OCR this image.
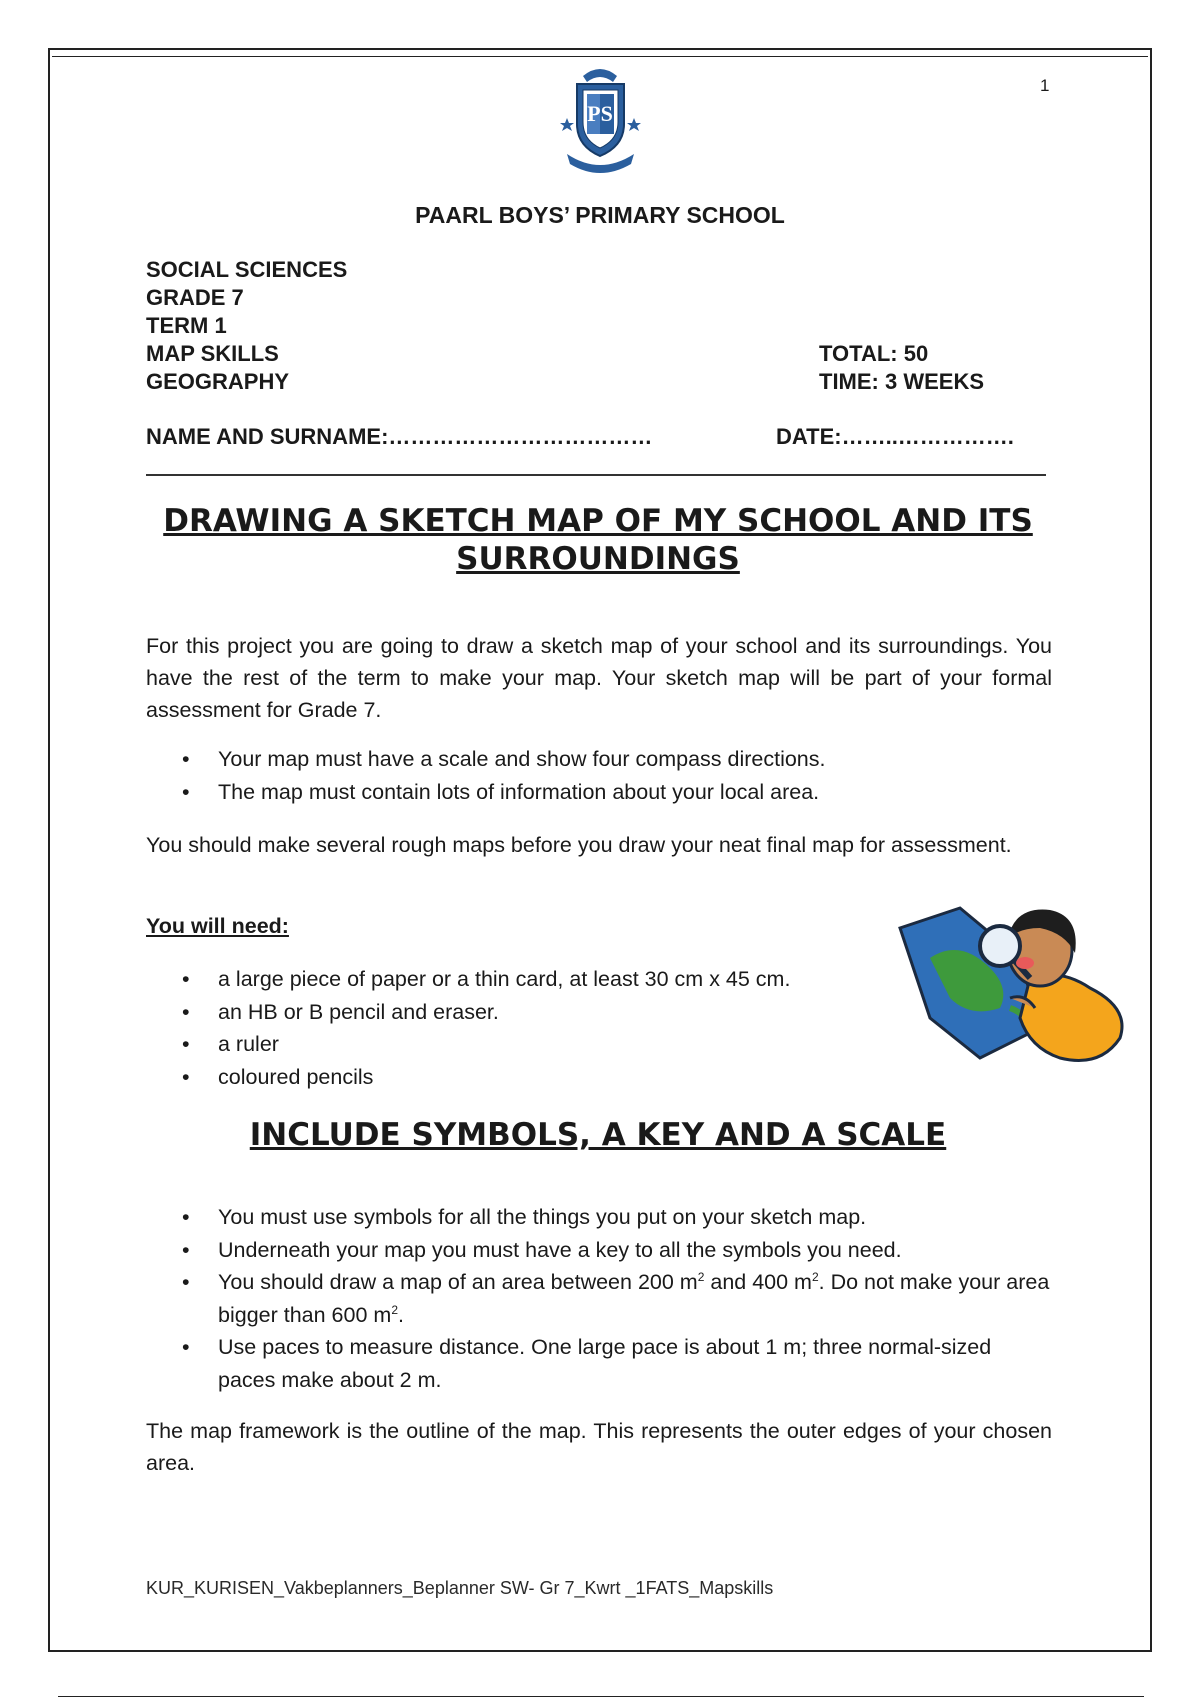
1
PS
PAARL BOYS’ PRIMARY SCHOOL
SOCIAL SCIENCES
GRADE 7
TERM 1
MAP SKILLS
GEOGRAPHY
TOTAL: 50
TIME: 3 WEEKS
NAME AND SURNAME:………………………………	DATE:……..…………….
DRAWING A SKETCH MAP OF MY SCHOOL AND ITS
SURROUNDINGS
For this project you are going to draw a sketch map of your school and its surroundings. You have the rest of the term to make your map. Your sketch map will be part of your formal assessment for Grade 7.
• Your map must have a scale and show four compass directions.
• The map must contain lots of information about your local area.
You should make several rough maps before you draw your neat final map for assessment.
You will need:
• a large piece of paper or a thin card, at least 30 cm x 45 cm.
• an HB or B pencil and eraser.
• a ruler
• coloured pencils
INCLUDE SYMBOLS, A KEY AND A SCALE
• You must use symbols for all the things you put on your sketch map.
• Underneath your map you must have a key to all the symbols you need.
• You should draw a map of an area between 200 $m^2$ and 400 $m^2$. Do not make your area bigger than 600 $m^2$.
• Use paces to measure distance. One large pace is about 1 m; three normal-sized paces make about 2 m.
The map framework is the outline of the map. This represents the outer edges of your chosen area.
KUR_KURISEN_Vakbeplanners_Beplanner SW- Gr 7_Kwrt _1FATS_Mapskills
